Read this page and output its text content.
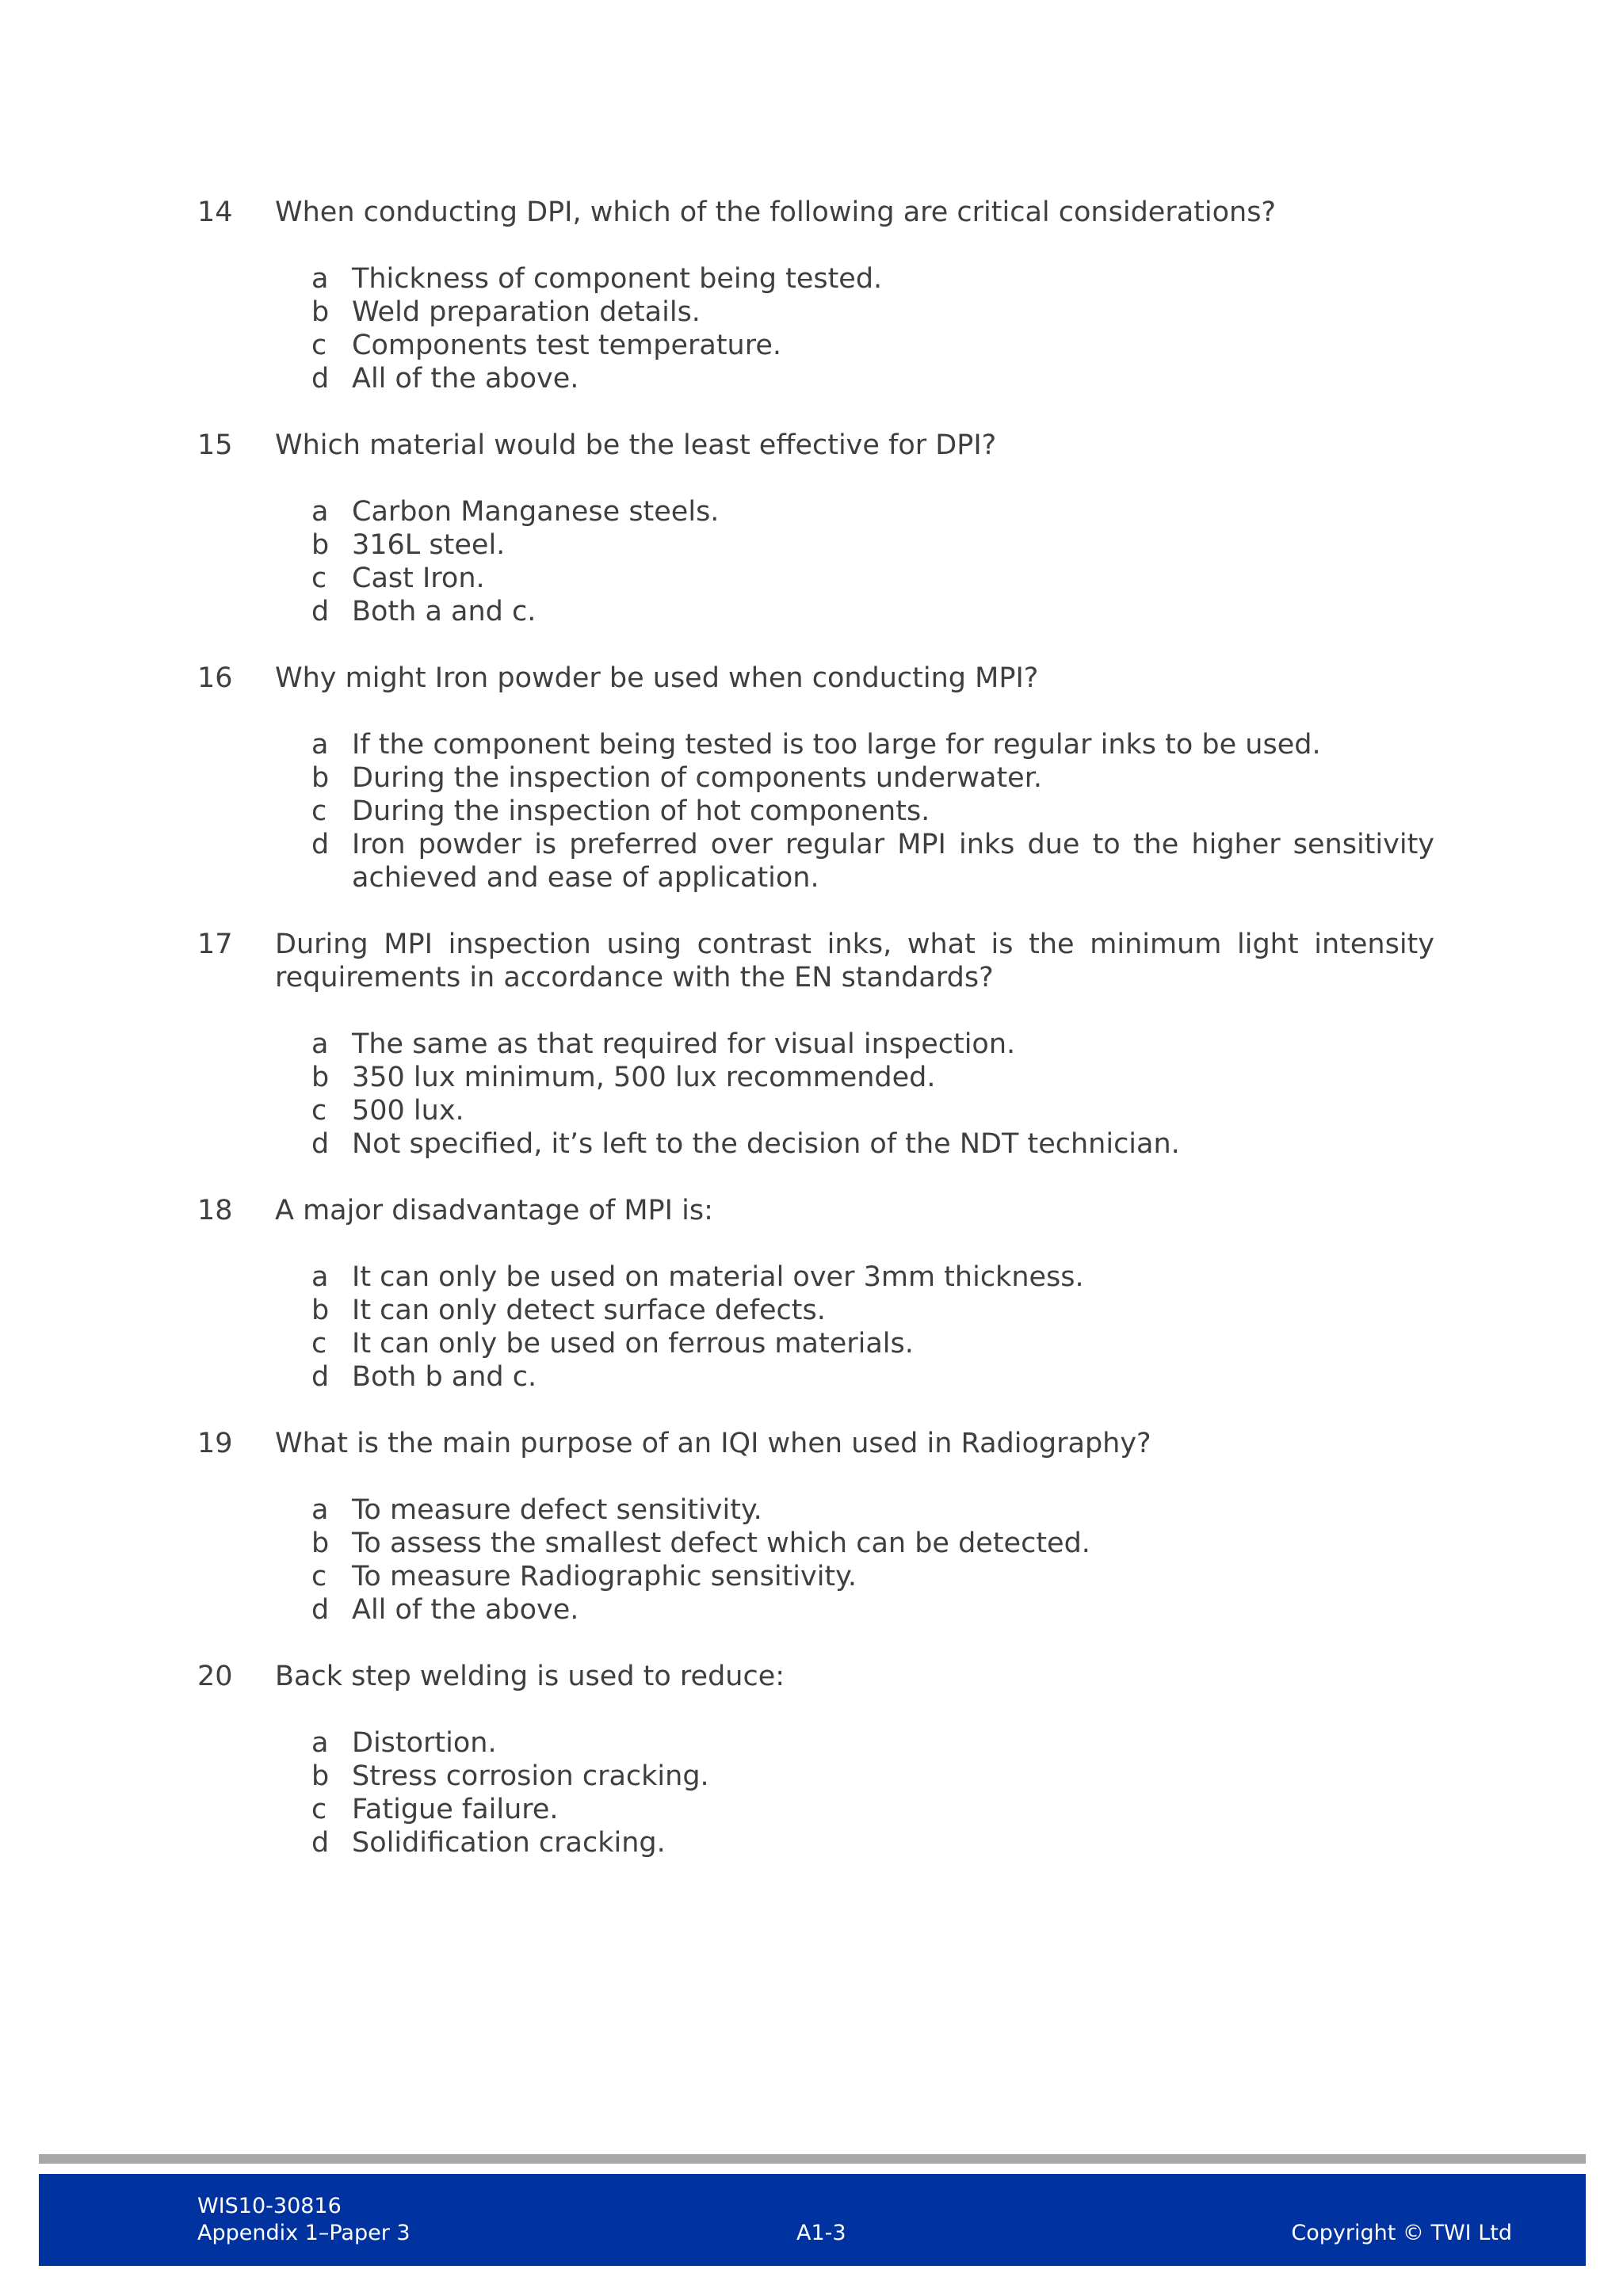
14 When conducting DPI, which of the following are critical considerations?
a Thickness of component being tested.
b Weld preparation details.
c Components test temperature.
d All of the above.
15 Which material would be the least effective for DPI?
a Carbon Manganese steels.
b 316L steel.
c Cast Iron.
d Both a and c.
16 Why might Iron powder be used when conducting MPI?
a If the component being tested is too large for regular inks to be used.
b During the inspection of components underwater.
c During the inspection of hot components.
d Iron powder is preferred over regular MPI inks due to the higher sensitivity achieved and ease of application.
17 During MPI inspection using contrast inks, what is the minimum light intensity requirements in accordance with the EN standards?
a The same as that required for visual inspection.
b 350 lux minimum, 500 lux recommended.
c 500 lux.
d Not specified, it’s left to the decision of the NDT technician.
18 A major disadvantage of MPI is:
a It can only be used on material over 3mm thickness.
b It can only detect surface defects.
c It can only be used on ferrous materials.
d Both b and c.
19 What is the main purpose of an IQI when used in Radiography?
a To measure defect sensitivity.
b To assess the smallest defect which can be detected.
c To measure Radiographic sensitivity.
d All of the above.
20 Back step welding is used to reduce:
a Distortion.
b Stress corrosion cracking.
c Fatigue failure.
d Solidification cracking.
WIS10-30816
Appendix 1–Paper 3	A1-3	Copyright © TWI Ltd
